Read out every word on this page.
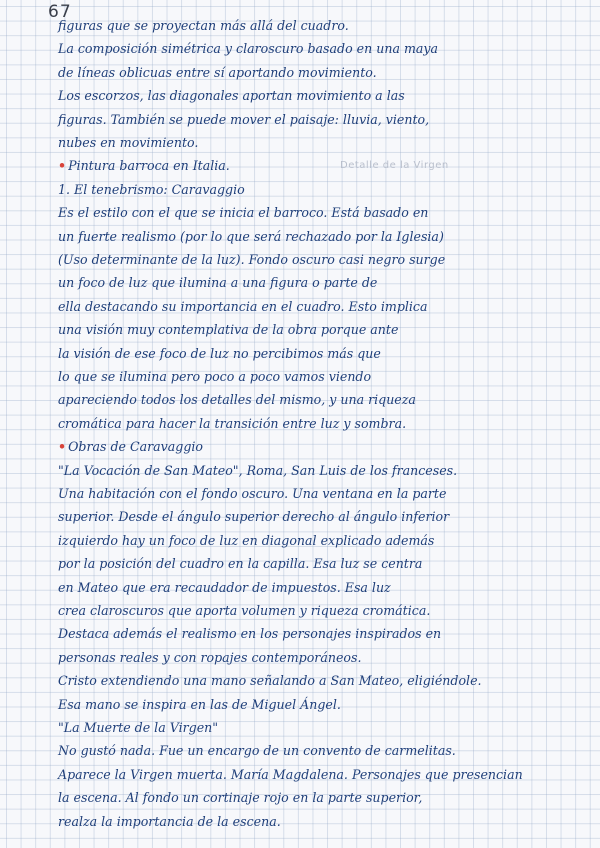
67
Detalle de la Virgen
figuras que se proyectan más allá del cuadro.
La composición simétrica y claroscuro basado en una maya
de líneas oblicuas entre sí aportando movimiento.
Los escorzos, las diagonales aportan movimiento a las
figuras. También se puede mover el paisaje: lluvia, viento,
nubes en movimiento.
• Pintura barroca en Italia.
1. El tenebrismo: Caravaggio
Es el estilo con el que se inicia el barroco. Está basado en
un fuerte realismo (por lo que será rechazado por la Iglesia)
(Uso determinante de la luz). Fondo oscuro casi negro surge
un foco de luz que ilumina a una figura o parte de
ella destacando su importancia en el cuadro. Esto implica
una visión muy contemplativa de la obra porque ante
la visión de ese foco de luz no percibimos más que
lo que se ilumina pero poco a poco vamos viendo
apareciendo todos los detalles del mismo, y una riqueza
cromática para hacer la transición entre luz y sombra.
• Obras de Caravaggio
"La Vocación de San Mateo", Roma, San Luis de los franceses.
Una habitación con el fondo oscuro. Una ventana en la parte
superior. Desde el ángulo superior derecho al ángulo inferior
izquierdo hay un foco de luz en diagonal explicado además
por la posición del cuadro en la capilla. Esa luz se centra
en Mateo que era recaudador de impuestos. Esa luz
crea claroscuros que aporta volumen y riqueza cromática.
Destaca además el realismo en los personajes inspirados en
personas reales y con ropajes contemporáneos.
Cristo extendiendo una mano señalando a San Mateo, eligiéndole.
Esa mano se inspira en las de Miguel Ángel.
"La Muerte de la Virgen"
No gustó nada. Fue un encargo de un convento de carmelitas.
Aparece la Virgen muerta. María Magdalena. Personajes que presencian
la escena. Al fondo un cortinaje rojo en la parte superior,
realza la importancia de la escena.
